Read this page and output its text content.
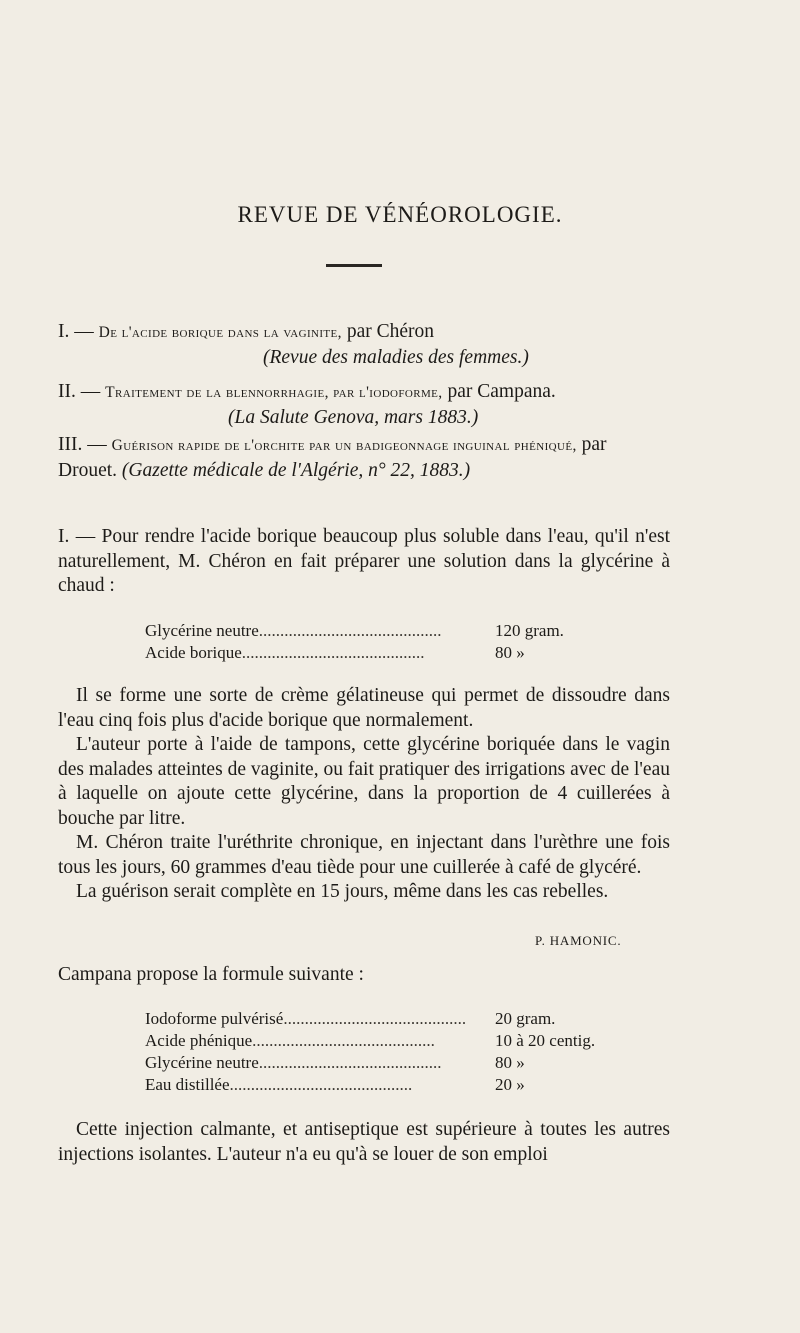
REVUE DE VÉNÉOROLOGIE.
I. — De l'acide borique dans la vaginite, par Chéron
(Revue des maladies des femmes.)
II. — Traitement de la blennorrhagie, par l'iodoforme, par Campana.
(La Salute Genova, mars 1883.)
III. — Guérison rapide de l'orchite par un badigeonnage inguinal phéniqué, par Drouet. (Gazette médicale de l'Algérie, n° 22, 1883.)
I. — Pour rendre l'acide borique beaucoup plus soluble dans l'eau, qu'il n'est naturellement, M. Chéron en fait préparer une solution dans la glycérine à chaud :
Glycérine neutre...........................................	120 gram.
Acide borique...........................................	80 »
Il se forme une sorte de crème gélatineuse qui permet de dissoudre dans l'eau cinq fois plus d'acide borique que normalement.
L'auteur porte à l'aide de tampons, cette glycérine boriquée dans le vagin des malades atteintes de vaginite, ou fait pratiquer des irrigations avec de l'eau à laquelle on ajoute cette glycérine, dans la proportion de 4 cuillerées à bouche par litre.
M. Chéron traite l'uréthrite chronique, en injectant dans l'urèthre une fois tous les jours, 60 grammes d'eau tiède pour une cuillerée à café de glycéré.
La guérison serait complète en 15 jours, même dans les cas rebelles.
P. HAMONIC.
Campana propose la formule suivante :
Iodoforme pulvérisé...........................................	20 gram.
Acide phénique...........................................	10 à 20 centig.
Glycérine neutre...........................................	80 »
Eau distillée...........................................	20 »
Cette injection calmante, et antiseptique est supérieure à toutes les autres injections isolantes. L'auteur n'a eu qu'à se louer de son emploi
